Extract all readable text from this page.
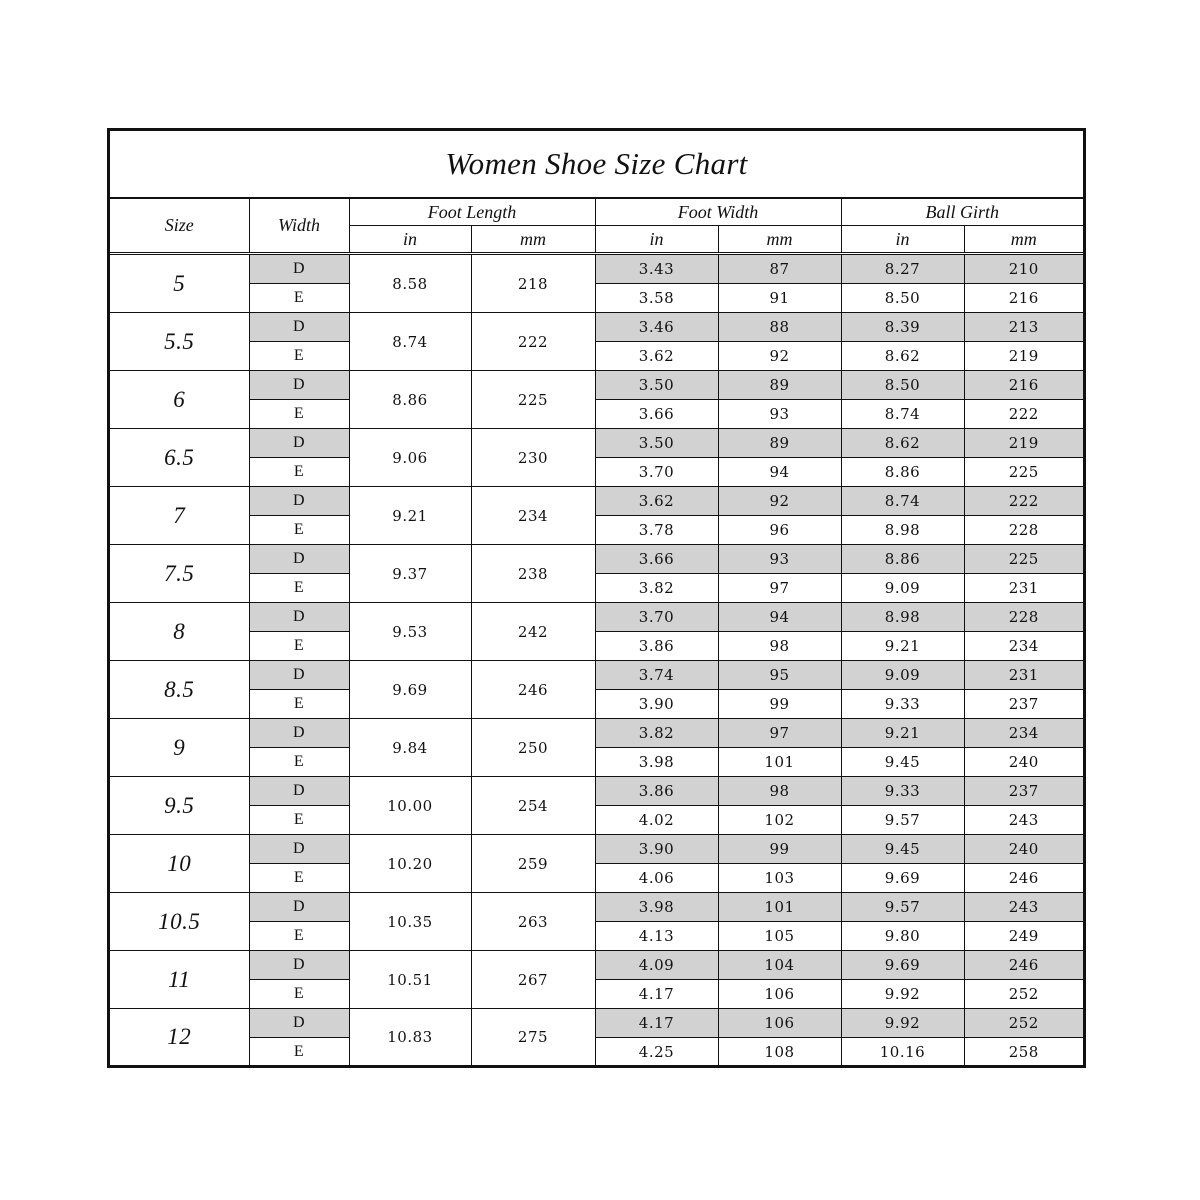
Women Shoe Size Chart
Size	Width	Foot Length		Foot Width		Ball Girth	
		in	mm	in	mm	in	mm
5	D	8.58	218	3.43	87	8.27	210
	E			3.58	91	8.50	216
5.5	D	8.74	222	3.46	88	8.39	213
	E			3.62	92	8.62	219
6	D	8.86	225	3.50	89	8.50	216
	E			3.66	93	8.74	222
6.5	D	9.06	230	3.50	89	8.62	219
	E			3.70	94	8.86	225
7	D	9.21	234	3.62	92	8.74	222
	E			3.78	96	8.98	228
7.5	D	9.37	238	3.66	93	8.86	225
	E			3.82	97	9.09	231
8	D	9.53	242	3.70	94	8.98	228
	E			3.86	98	9.21	234
8.5	D	9.69	246	3.74	95	9.09	231
	E			3.90	99	9.33	237
9	D	9.84	250	3.82	97	9.21	234
	E			3.98	101	9.45	240
9.5	D	10.00	254	3.86	98	9.33	237
	E			4.02	102	9.57	243
10	D	10.20	259	3.90	99	9.45	240
	E			4.06	103	9.69	246
10.5	D	10.35	263	3.98	101	9.57	243
	E			4.13	105	9.80	249
11	D	10.51	267	4.09	104	9.69	246
	E			4.17	106	9.92	252
12	D	10.83	275	4.17	106	9.92	252
	E			4.25	108	10.16	258
